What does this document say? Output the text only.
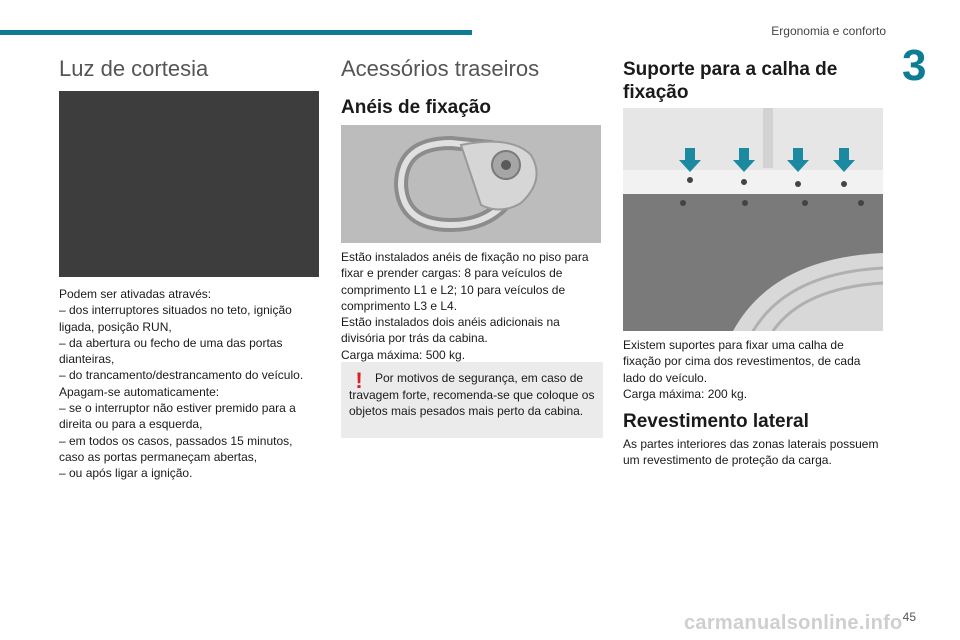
Ergonomia e conforto
3
Luz de cortesia

Podem ser ativadas através:
– dos interruptores situados no teto, ignição ligada, posição RUN,
– da abertura ou fecho de uma das portas dianteiras,
– do trancamento/destrancamento do veículo.
Apagam-se automaticamente:
– se o interruptor não estiver premido para a direita ou para a esquerda,
– em todos os casos, passados 15 minutos, caso as portas permaneçam abertas,
– ou após ligar a ignição.

Acessórios traseiros
Anéis de fixação

Estão instalados anéis de fixação no piso para fixar e prender cargas: 8 para veículos de comprimento L1 e L2; 10 para veículos de comprimento L3 e L4.
Estão instalados dois anéis adicionais na divisória por trás da cabina.
Carga máxima: 500 kg.

!	Por motivos de segurança, em caso de travagem forte, recomenda-se que coloque os objetos mais pesados mais perto da cabina.

Suporte para a calha de fixação

Existem suportes para fixar uma calha de fixação por cima dos revestimentos, de cada lado do veículo.
Carga máxima: 200 kg.

Revestimento lateral

As partes interiores das zonas laterais possuem um revestimento de proteção da carga.

45
carmanualsonline.info
